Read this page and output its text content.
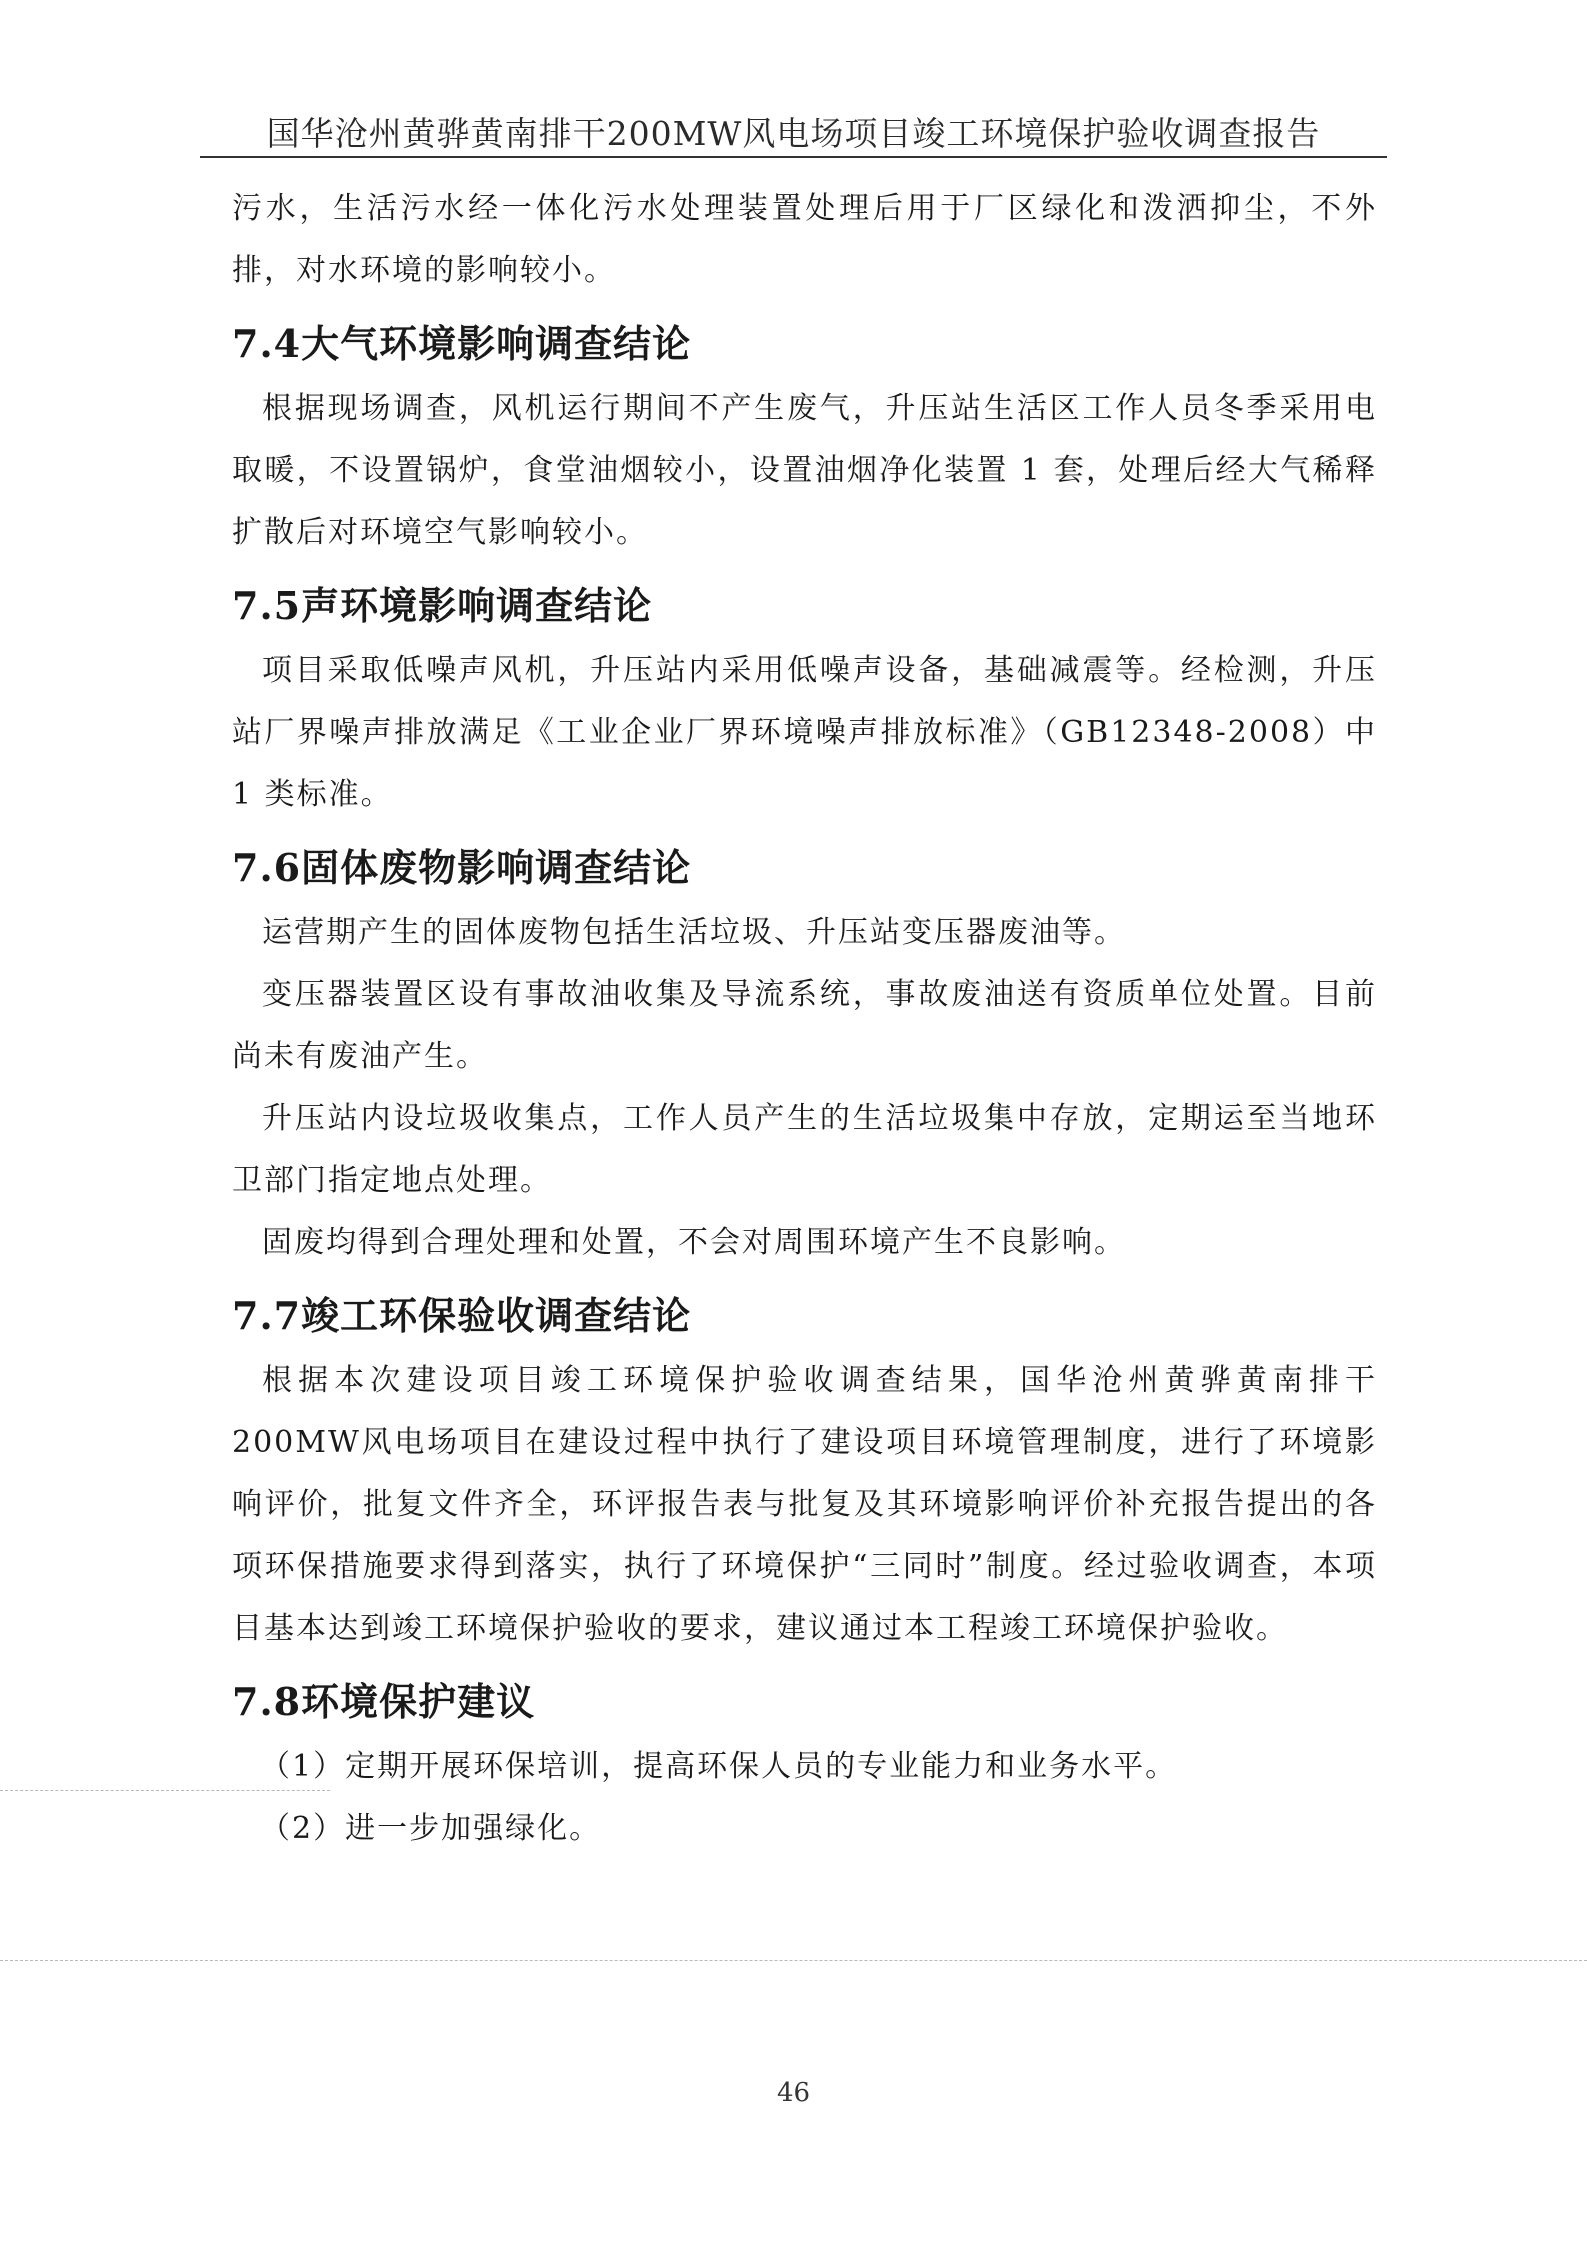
国华沧州黄骅黄南排干200MW风电场项目竣工环境保护验收调查报告

污水，生活污水经一体化污水处理装置处理后用于厂区绿化和泼洒抑尘，不外排，对水环境的影响较小。

7.4大气环境影响调查结论

根据现场调查，风机运行期间不产生废气，升压站生活区工作人员冬季采用电取暖，不设置锅炉，食堂油烟较小，设置油烟净化装置 1 套，处理后经大气稀释扩散后对环境空气影响较小。

7.5声环境影响调查结论

项目采取低噪声风机，升压站内采用低噪声设备，基础减震等。经检测，升压站厂界噪声排放满足《工业企业厂界环境噪声排放标准》（GB12348-2008）中 1 类标准。

7.6固体废物影响调查结论

运营期产生的固体废物包括生活垃圾、升压站变压器废油等。

变压器装置区设有事故油收集及导流系统，事故废油送有资质单位处置。目前尚未有废油产生。

升压站内设垃圾收集点，工作人员产生的生活垃圾集中存放，定期运至当地环卫部门指定地点处理。

固废均得到合理处理和处置，不会对周围环境产生不良影响。

7.7竣工环保验收调查结论

根据本次建设项目竣工环境保护验收调查结果，国华沧州黄骅黄南排干200MW风电场项目在建设过程中执行了建设项目环境管理制度，进行了环境影响评价，批复文件齐全，环评报告表与批复及其环境影响评价补充报告提出的各项环保措施要求得到落实，执行了环境保护“三同时”制度。经过验收调查，本项目基本达到竣工环境保护验收的要求，建议通过本工程竣工环境保护验收。

7.8环境保护建议

（1）定期开展环保培训，提高环保人员的专业能力和业务水平。

（2）进一步加强绿化。

46
